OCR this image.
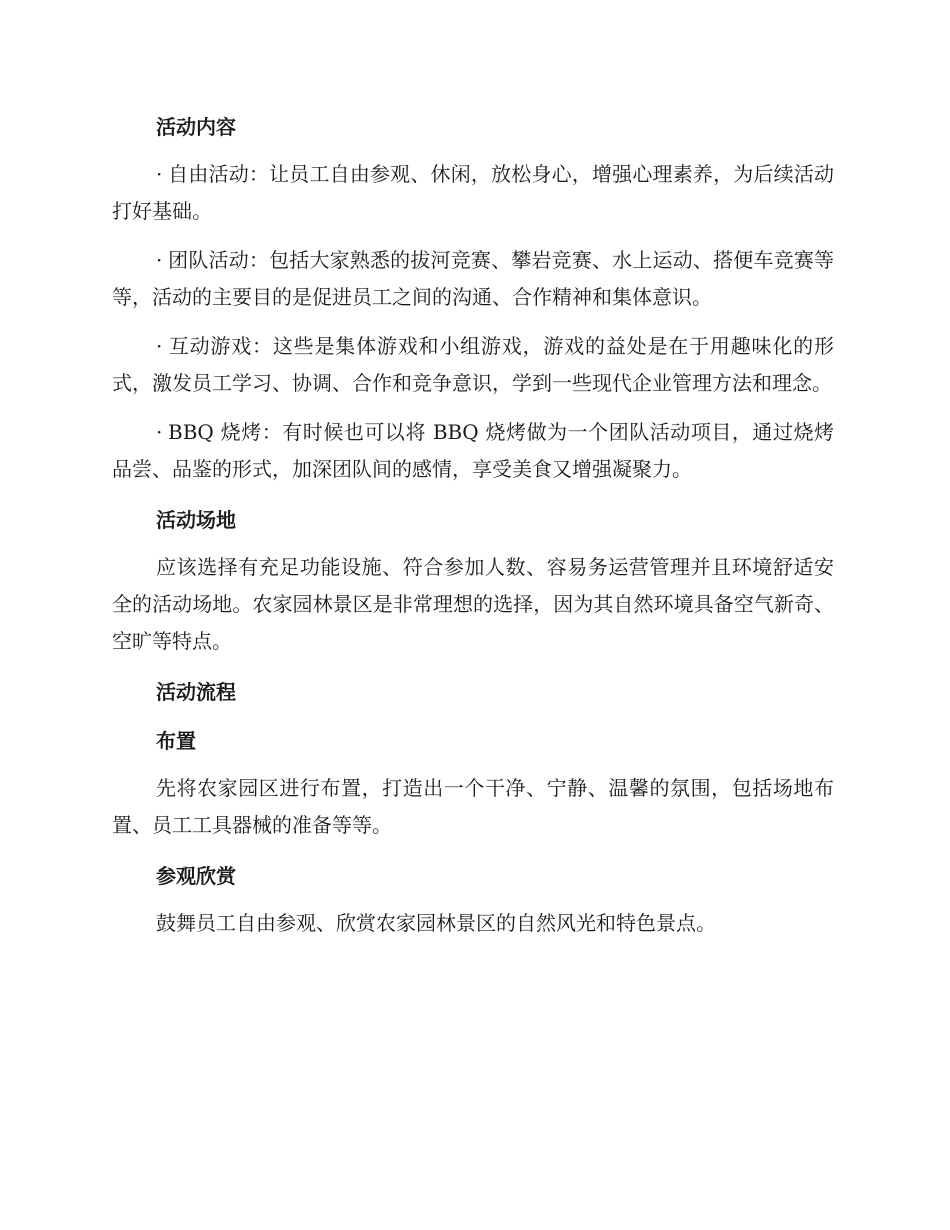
活动内容

· 自由活动：让员工自由参观、休闲，放松身心，增强心理素养，为后续活动打好基础。

· 团队活动：包括大家熟悉的拔河竞赛、攀岩竞赛、水上运动、搭便车竞赛等等，活动的主要目的是促进员工之间的沟通、合作精神和集体意识。

· 互动游戏：这些是集体游戏和小组游戏，游戏的益处是在于用趣味化的形式，激发员工学习、协调、合作和竞争意识，学到一些现代企业管理方法和理念。

· BBQ 烧烤：有时候也可以将 BBQ 烧烤做为一个团队活动项目，通过烧烤品尝、品鉴的形式，加深团队间的感情，享受美食又增强凝聚力。

活动场地

应该选择有充足功能设施、符合参加人数、容易务运营管理并且环境舒适安全的活动场地。农家园林景区是非常理想的选择，因为其自然环境具备空气新奇、空旷等特点。

活动流程
布置

先将农家园区进行布置，打造出一个干净、宁静、温馨的氛围，包括场地布置、员工工具器械的准备等等。

参观欣赏

鼓舞员工自由参观、欣赏农家园林景区的自然风光和特色景点。
